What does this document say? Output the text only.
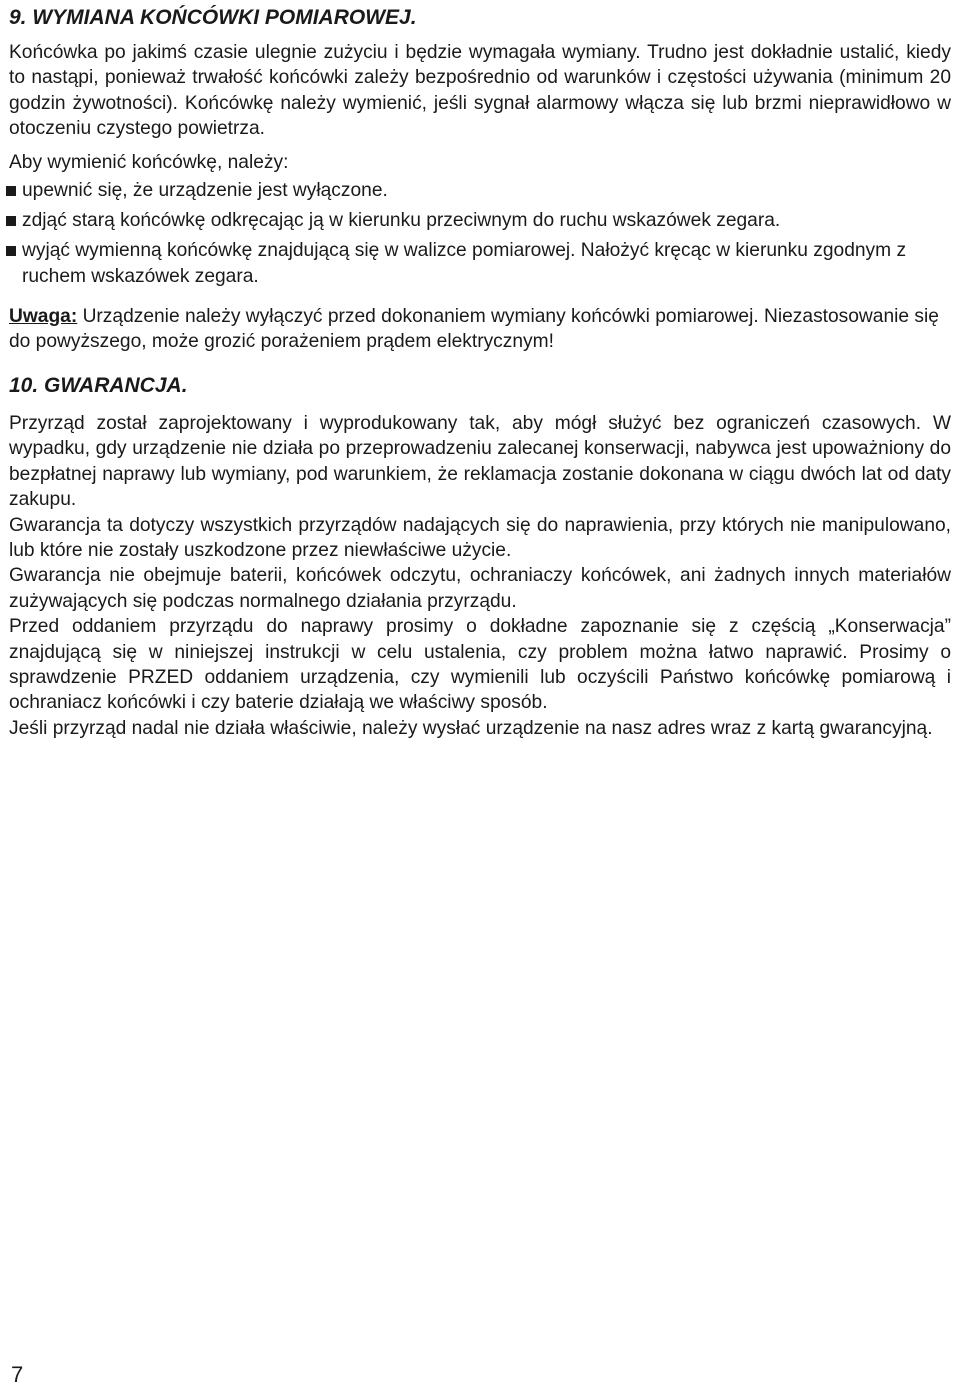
9. WYMIANA KOŃCÓWKI POMIAROWEJ.

Końcówka po jakimś czasie ulegnie zużyciu i będzie wymagała wymiany. Trudno jest dokładnie ustalić, kiedy to nastąpi, ponieważ trwałość końcówki zależy bezpośrednio od warunków i częstości używania (minimum 20 godzin żywotności). Końcówkę należy wymienić, jeśli sygnał alarmowy włącza się lub brzmi nieprawidłowo w otoczeniu czystego powietrza.

Aby wymienić końcówkę, należy:

upewnić się, że urządzenie jest wyłączone.
zdjąć starą końcówkę odkręcając ją w kierunku przeciwnym do ruchu wskazówek zegara.
wyjąć wymienną końcówkę znajdującą się w walizce pomiarowej. Nałożyć kręcąc w kierunku zgodnym z ruchem wskazówek zegara.

Uwaga: Urządzenie należy wyłączyć przed dokonaniem wymiany końcówki pomiarowej. Niezastosowanie się do powyższego, może grozić porażeniem prądem elektrycznym!

10. GWARANCJA.

Przyrząd został zaprojektowany i wyprodukowany tak, aby mógł służyć bez ograniczeń czasowych. W wypadku, gdy urządzenie nie działa po przeprowadzeniu zalecanej konserwacji, nabywca jest upoważniony do bezpłatnej naprawy lub wymiany, pod warunkiem, że reklamacja zostanie dokonana w ciągu dwóch lat od daty zakupu.

Gwarancja ta dotyczy wszystkich przyrządów nadających się do naprawienia, przy których nie manipulowano, lub które nie zostały uszkodzone przez niewłaściwe użycie.

Gwarancja nie obejmuje baterii, końcówek odczytu, ochraniaczy końcówek, ani żadnych innych materiałów zużywających się podczas normalnego działania przyrządu.

Przed oddaniem przyrządu do naprawy prosimy o dokładne zapoznanie się z częścią „Konserwacja” znajdującą się w niniejszej instrukcji w celu ustalenia, czy problem można łatwo naprawić. Prosimy o sprawdzenie PRZED oddaniem urządzenia, czy wymienili lub oczyścili Państwo końcówkę pomiarową i ochraniacz końcówki i czy baterie działają we właściwy sposób.

Jeśli przyrząd nadal nie działa właściwie, należy wysłać urządzenie na nasz adres wraz z kartą gwarancyjną.

7
